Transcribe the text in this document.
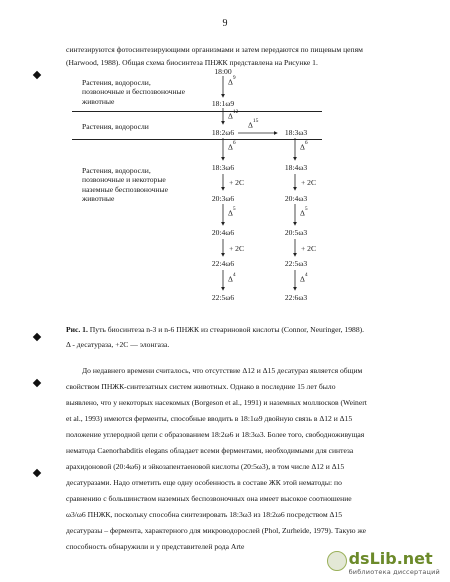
9
синтезируются фотосинтезирующими организмами и затем передаются по пищевым цепям
(Harwood, 1988). Общая схема биосинтеза ПНЖК представлена на Рисунке 1.
Растения, водоросли,
позвоночные и беспозвоночные
животные
Растения, водоросли
Растения, водоросли,
позвоночные и некоторые
наземные беспозвоночные
животные
18:00
18:1ω9
18:2ω6	18:3ω3
18:3ω6	18:4ω3
20:3ω6	20:4ω3
20:4ω6	20:5ω3
22:4ω6	22:5ω3
22:5ω6	22:6ω3
$\Delta^9$
$\Delta^{12}$
$\Delta^{15}$
$\Delta^6$	$\Delta^6$
+ 2C	+ 2C
$\Delta^5$	$\Delta^5$
+ 2C	+ 2C
$\Delta^4$	$\Delta^4$
Рис. 1. Путь биосинтеза n-3 и n-6 ПНЖК из стеариновой кислоты (Connor, Neuringer, 1988).
Δ - десатураза, +2С — элонгаза.
До недавнего времени считалось, что отсутствие Δ12 и Δ15 десатураз является общим
свойством ПНЖК-синтезатных систем животных. Однако в последние 15 лет было
выявлено, что у некоторых насекомых (Borgeson et al., 1991) и наземных моллюсков (Weinert
et al., 1993) имеются ферменты, способные вводить в 18:1ω9 двойную связь в Δ12 и Δ15
положение углеродной цепи с образованием 18:2ω6 и 18:3ω3. Более того, свободноживущая
нематода Caenorhabditis elegans обладает всеми ферментами, необходимыми для синтеза
арахидоновой (20:4ω6) и эйкозапентаеновой кислоты (20:5ω3), в том числе Δ12 и Δ15
десатуразами. Надо отметить еще одну особенность в составе ЖК этой нематоды: по
сравнению с большинством наземных беспозвоночных она имеет высокое соотношение
ω3/ω6 ПНЖК, поскольку способна синтезировать 18:3ω3 из 18:2ω6 посредством Δ15
десатуразы – фермента, характерного для микроводорослей (Phol, Zurheide, 1979). Такую же
способность обнаружили и у представителей рода Arte
dsLib.net
библиотека диссертаций
